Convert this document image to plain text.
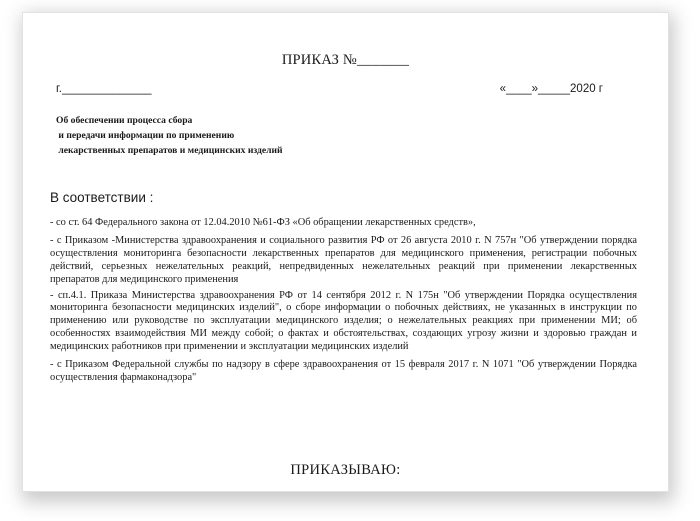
ПРИКАЗ №_______
г.______________	«____»_____2020 г
Об обеспечении процесса сбора
и передачи информации по применению
лекарственных препаратов и медицинских изделий
В соответствии :

- со ст. 64 Федерального закона от 12.04.2010 №61-ФЗ «Об обращении лекарственных средств»,

- с Приказом -Министерства здравоохранения и социального развития РФ от 26 августа 2010 г. N 757н "Об утверждении порядка осуществления мониторинга безопасности лекарственных препаратов для медицинского применения, регистрации побочных действий, серьезных нежелательных реакций, непредвиденных нежелательных реакций при применении лекарственных препаратов для медицинского применения

- сп.4.1. Приказа Министерства здравоохранения РФ от 14 сентября 2012 г. N 175н "Об утверждении Порядка осуществления мониторинга безопасности медицинских изделий", о сборе информации о побочных действиях, не указанных в инструкции по применению или руководстве по эксплуатации медицинского изделия; о нежелательных реакциях при применении МИ; об особенностях взаимодействия МИ между собой; о фактах и обстоятельствах, создающих угрозу жизни и здоровью граждан и медицинских работников при применении и эксплуатации медицинских изделий

- с Приказом Федеральной службы по надзору в сфере здравоохранения от 15 февраля 2017 г. N 1071 "Об утверждении Порядка осуществления фармаконадзора"

ПРИКАЗЫВАЮ:
